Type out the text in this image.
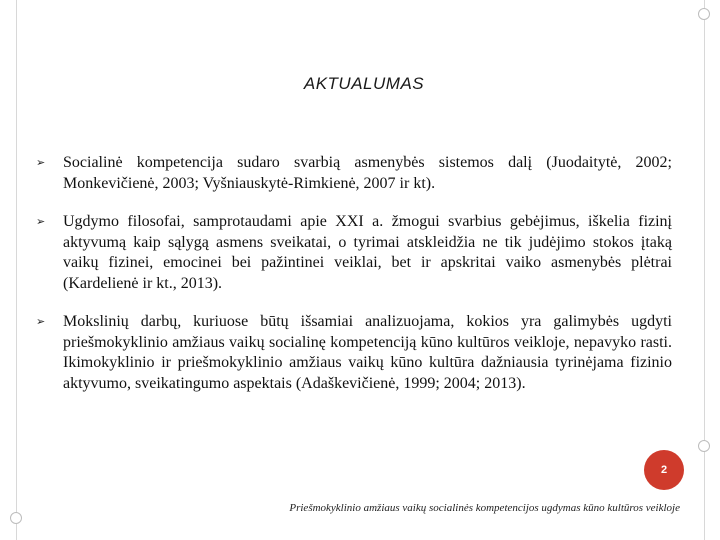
AKTUALUMAS
➢ Socialinė kompetencija sudaro svarbią asmenybės sistemos dalį (Juodaitytė, 2002; Monkevičienė, 2003; Vyšniauskytė-Rimkienė, 2007 ir kt).
➢ Ugdymo filosofai, samprotaudami apie XXI a. žmogui svarbius gebėjimus, iškelia fizinį aktyvumą kaip sąlygą asmens sveikatai, o tyrimai atskleidžia ne tik judėjimo stokos įtaką vaikų fizinei, emocinei bei pažintinei veiklai, bet ir apskritai vaiko asmenybės plėtrai (Kardelienė ir kt., 2013).
➢ Mokslinių darbų, kuriuose būtų išsamiai analizuojama, kokios yra galimybės ugdyti priešmokyklinio amžiaus vaikų socialinę kompetenciją kūno kultūros veikloje, nepavyko rasti. Ikimokyklinio ir priešmokyklinio amžiaus vaikų kūno kultūra dažniausia tyrinėjama fizinio aktyvumo, sveikatingumo aspektais (Adaškevičienė, 1999; 2004; 2013).
2
Priešmokyklinio amžiaus vaikų socialinės kompetencijos ugdymas kūno kultūros veikloje
